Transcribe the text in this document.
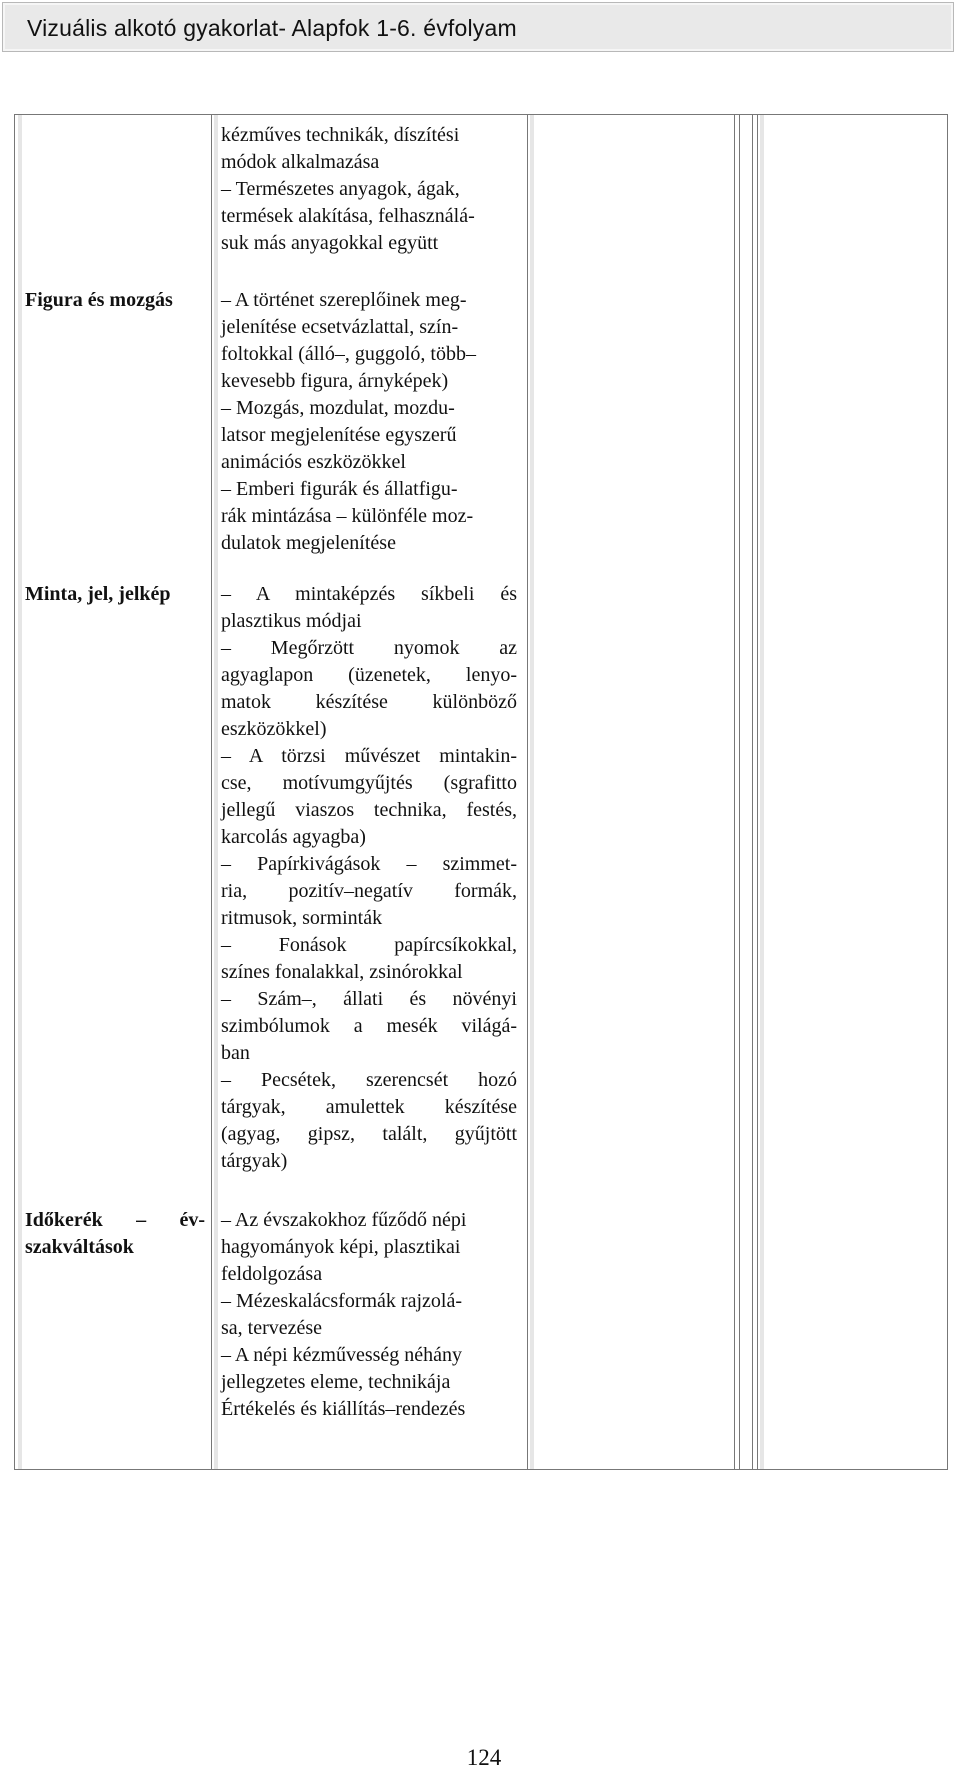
Vizuális alkotó gyakorlat- Alapfok 1-6. évfolyam
kézműves technikák, díszítési
módok alkalmazása
– Természetes anyagok, ágak,
termések alakítása, felhasználá-
suk más anyagokkal együtt
Figura és mozgás	– A történet szereplőinek meg-
jelenítése ecsetvázlattal, szín-
foltokkal (álló–, guggoló, több–
kevesebb figura, árnyképek)
– Mozgás, mozdulat, mozdu-
latsor megjelenítése egyszerű
animációs eszközökkel
– Emberi figurák és állatfigu-
rák mintázása – különféle moz-
dulatok megjelenítése
Minta, jel, jelkép	– A mintaképzés síkbeli és
plasztikus módjai
– Megőrzött nyomok az
agyaglapon (üzenetek, lenyo-
matok készítése különböző
eszközökkel)
– A törzsi művészet mintakin-
cse, motívumgyűjtés (sgrafitto
jellegű viaszos technika, festés,
karcolás agyagba)
– Papírkivágások – szimmet-
ria, pozitív–negatív formák,
ritmusok, sorminták
– Fonások papírcsíkokkal,
színes fonalakkal, zsinórokkal
– Szám–, állati és növényi
szimbólumok a mesék világá-
ban
– Pecsétek, szerencsét hozó
tárgyak, amulettek készítése
(agyag, gipsz, talált, gyűjtött
tárgyak)
Időkerék – év-
szakváltások
– Az évszakokhoz fűződő népi
hagyományok képi, plasztikai
feldolgozása
– Mézeskalácsformák rajzolá-
sa, tervezése
– A népi kézművesség néhány
jellegzetes eleme, technikája
Értékelés és kiállítás–rendezés
124
